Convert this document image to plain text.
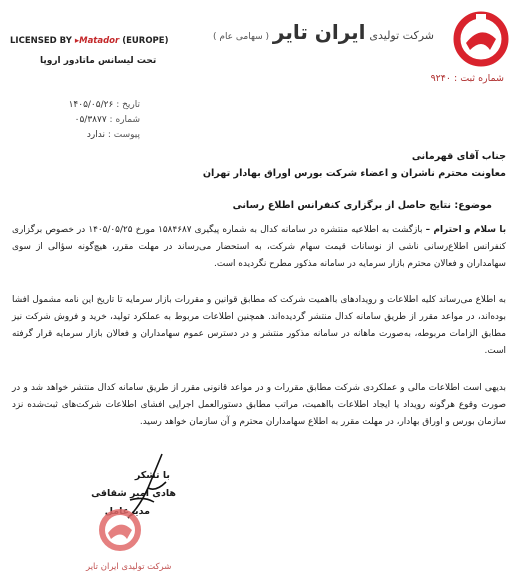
شرکت تولیدی ایران تایر ( سهامی عام )
شماره ثبت : ۹۲۴۰
LICENSED BY ▸Matador (EUROPE)
تحت لیسانس ماتادور اروپا
تاریخ : ۱۴۰۵/۰۵/۲۶
شماره : ۰۵/۳۸۷۷
پیوست : ندارد
جناب آقای قهرمانی
معاونت محترم ناشران و اعضاء شرکت بورس اوراق بهادار تهران
موضوع: نتایج حاصل از برگزاری کنفرانس اطلاع رسانی
با سلام و احترام – بازگشت به اطلاعیه منتشره در سامانه کدال به شماره پیگیری ۱۵۸۴۶۸۷ مورخ ۱۴۰۵/۰۵/۲۵ در خصوص برگزاری کنفرانس اطلاع‌رسانی ناشی از نوسانات قیمت سهام شرکت، به استحضار می‌رساند در مهلت مقرر، هیچ‌گونه سؤالی از سوی سهامداران و فعالان محترم بازار سرمایه در سامانه مذکور مطرح نگردیده است.
به اطلاع می‌رساند کلیه اطلاعات و رویدادهای بااهمیت شرکت که مطابق قوانین و مقررات بازار سرمایه تا تاریخ این نامه مشمول افشا بوده‌اند، در مواعد مقرر از طریق سامانه کدال منتشر گردیده‌اند. همچنین اطلاعات مربوط به عملکرد تولید، خرید و فروش شرکت نیز مطابق الزامات مربوطه، به‌صورت ماهانه در سامانه مذکور منتشر و در دسترس عموم سهامداران و فعالان بازار سرمایه قرار گرفته است.
بدیهی است اطلاعات مالی و عملکردی شرکت مطابق مقررات و در مواعد قانونی مقرر از طریق سامانه کدال منتشر خواهد شد و در صورت وقوع هرگونه رویداد یا ایجاد اطلاعات بااهمیت، مراتب مطابق دستورالعمل اجرایی افشای اطلاعات شرکت‌های ثبت‌شده نزد سازمان بورس و اوراق بهادار، در مهلت مقرر به اطلاع سهامداران محترم و آن سازمان خواهد رسید.
با تشکر
هادی امیر شقاقی
مدیرعامل
شرکت تولیدی ایران تایر
